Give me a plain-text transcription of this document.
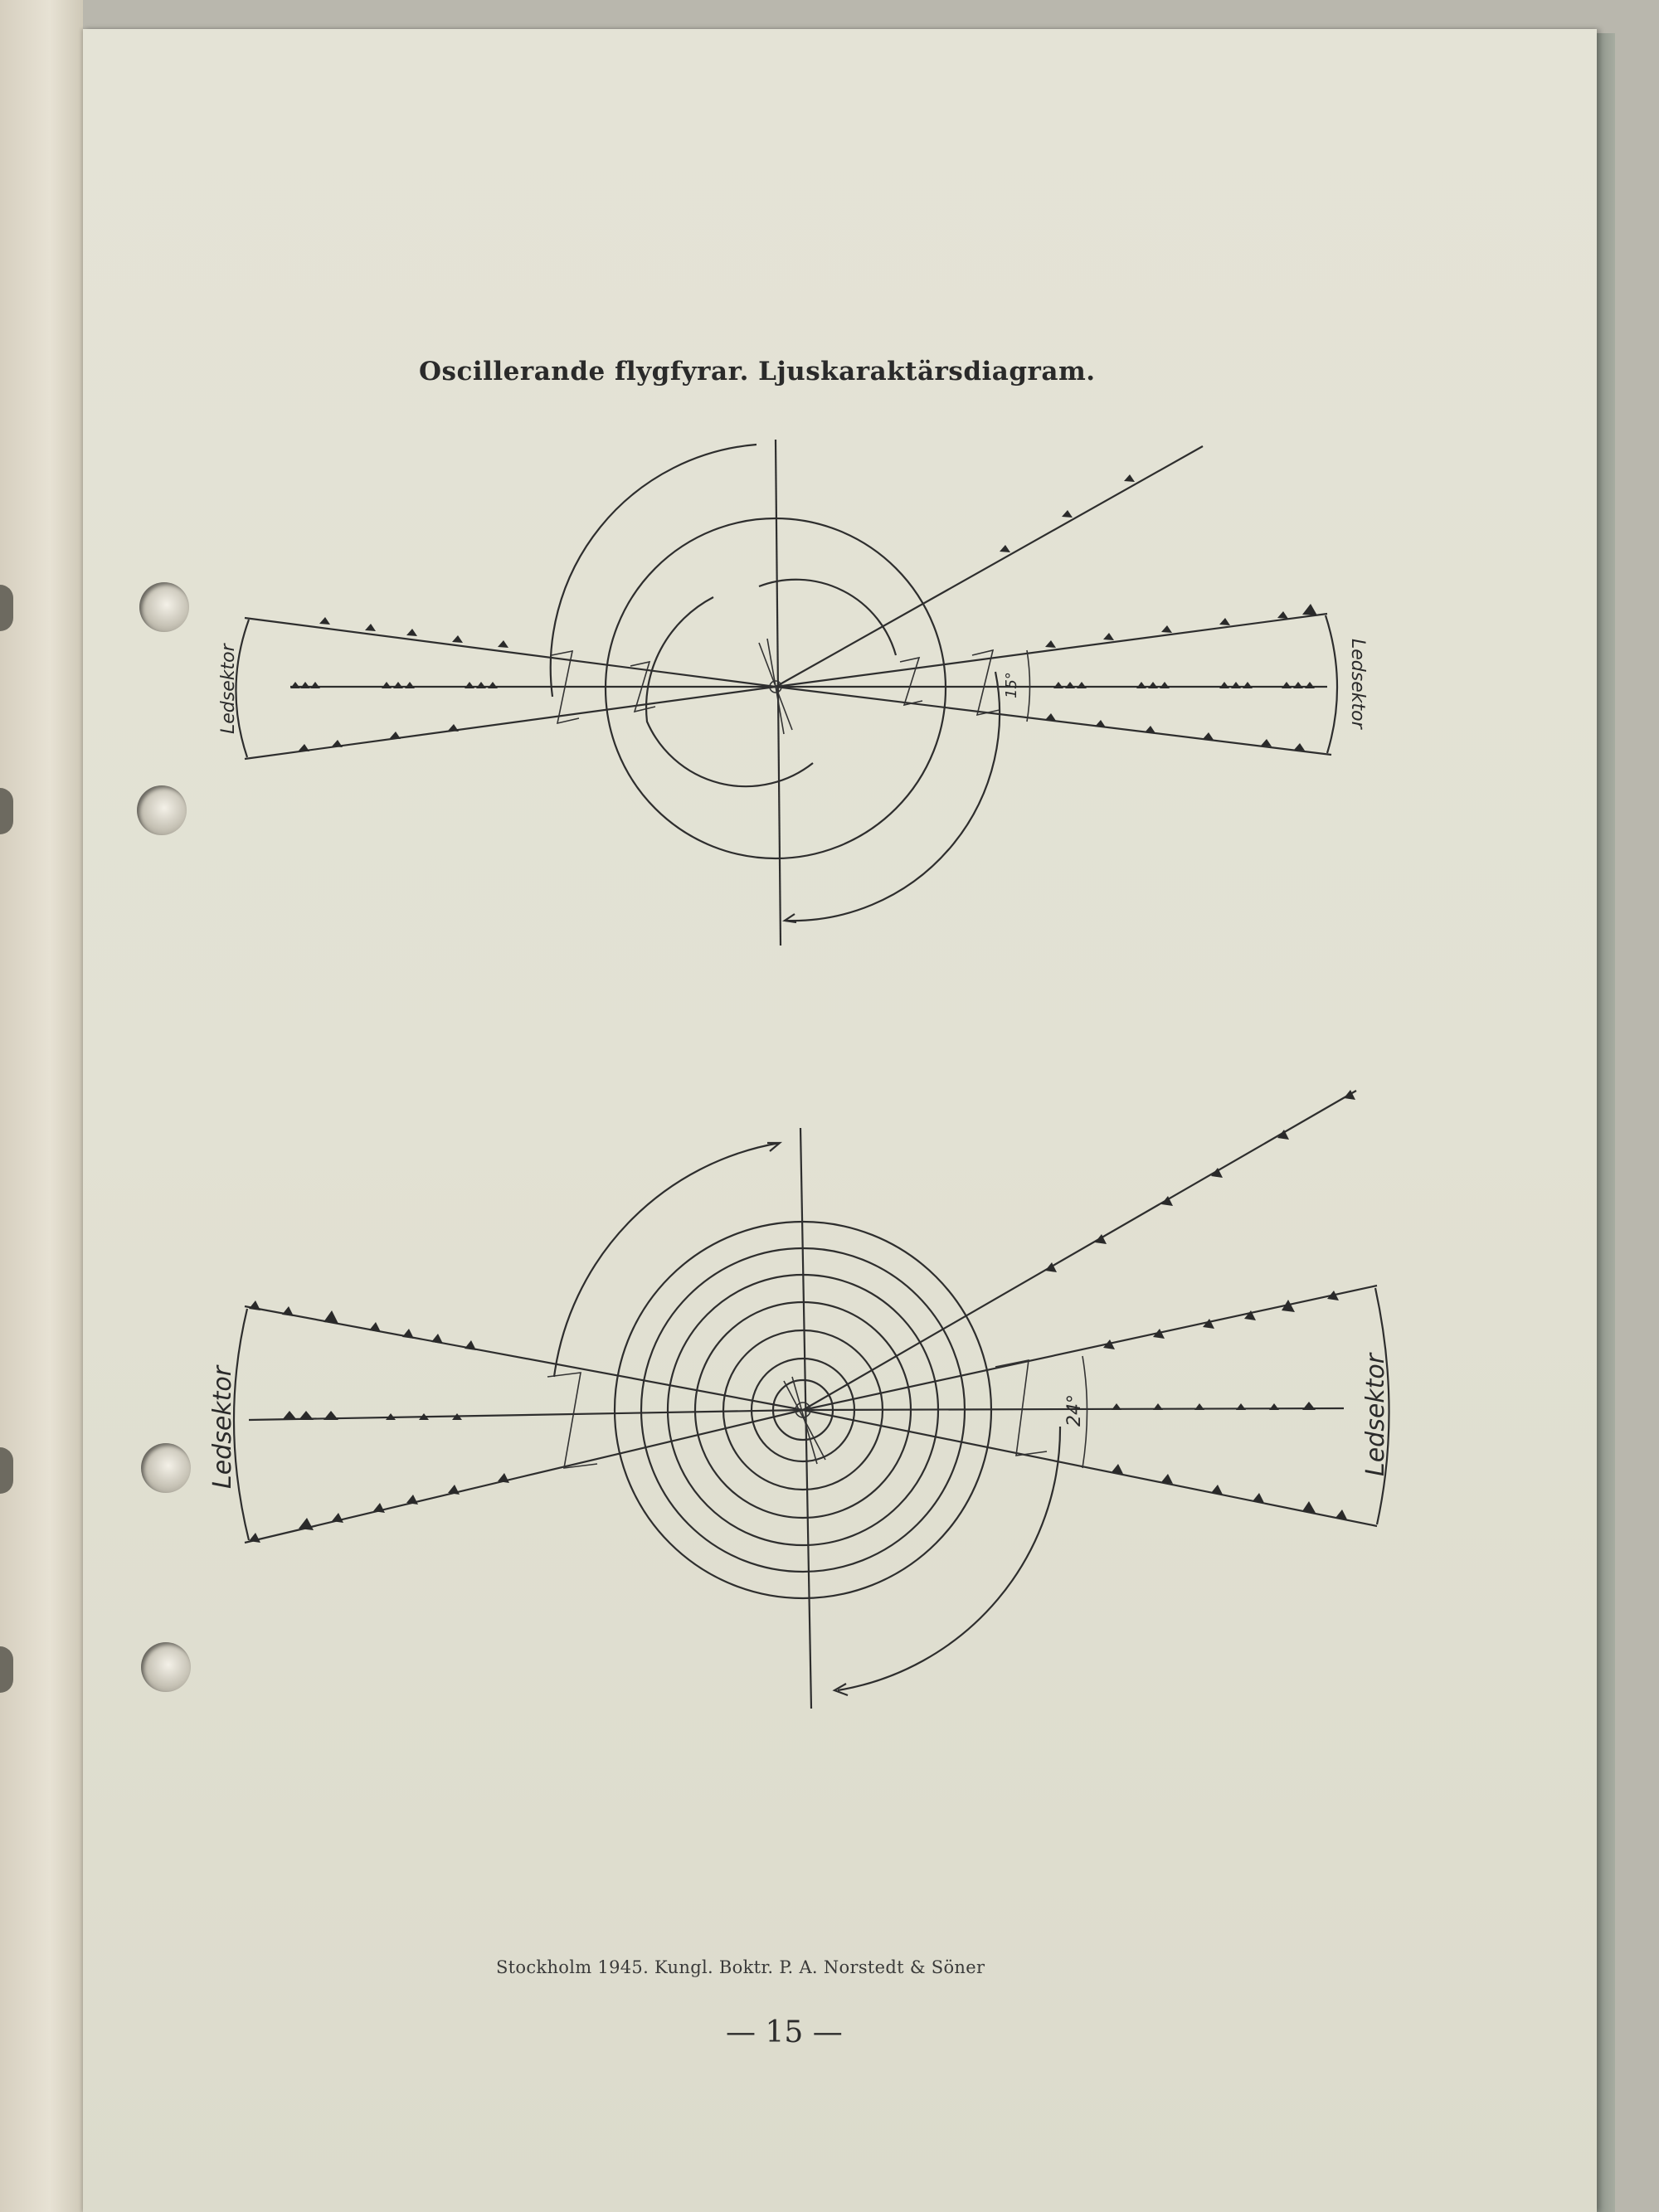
Oscillerande flygfyrar. Ljuskaraktärsdiagram.
Ledsektor	Ledsektor
15°
Ledsektor	Ledsektor
24°
Stockholm 1945. Kungl. Boktr. P. A. Norstedt & Söner
— 15 —
